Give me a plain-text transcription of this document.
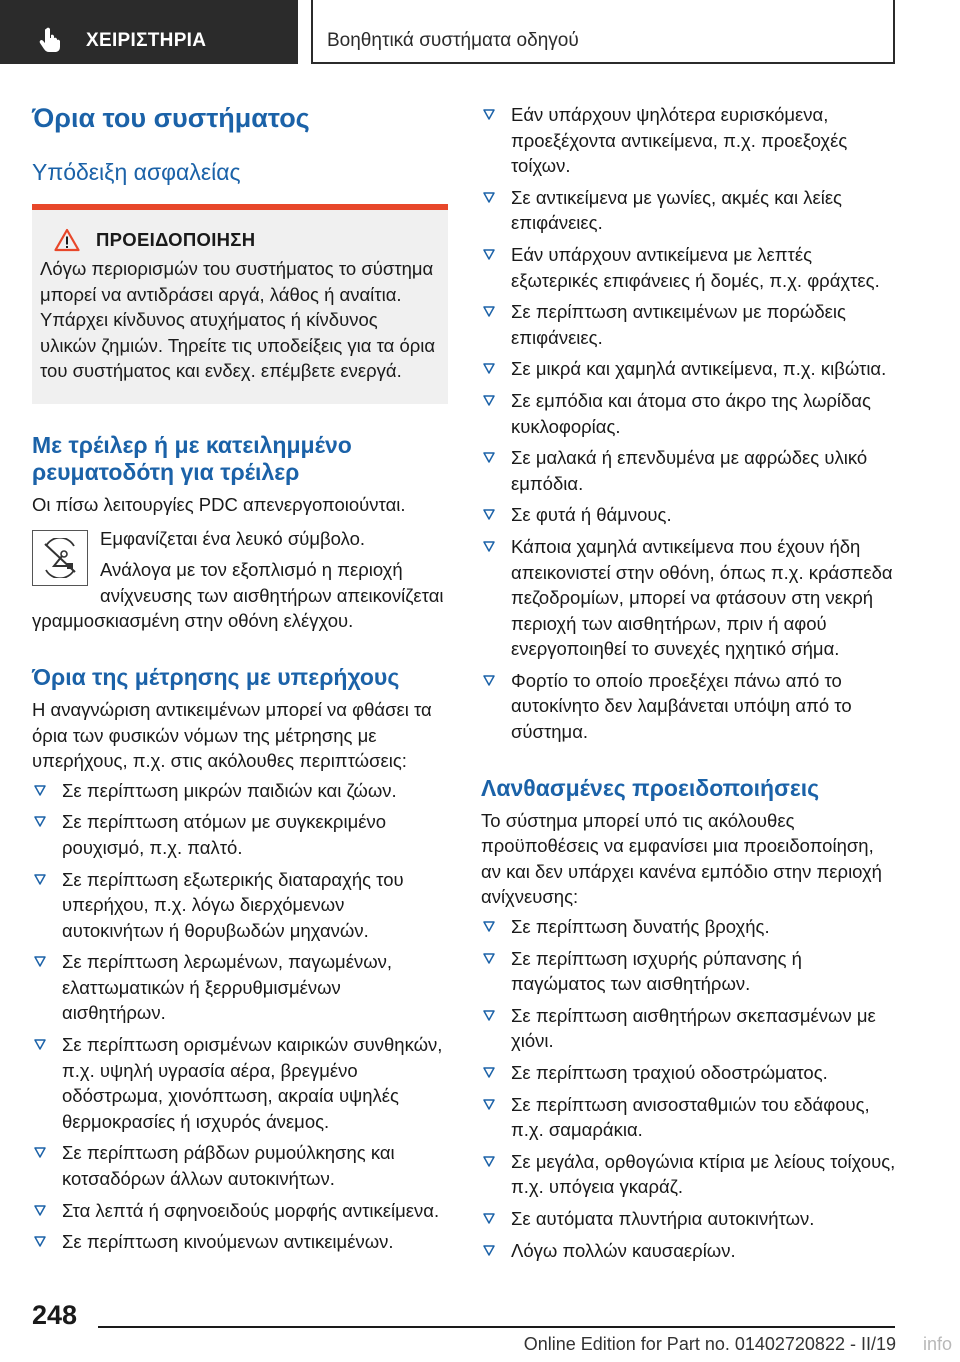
ΧΕΙΡΙΣΤΗΡΙΑ	Βοηθητικά συστήματα οδηγού
Όρια του συστήματος
Υπόδειξη ασφαλείας
ΠΡΟΕΙΔΟΠΟΙΗΣΗ
Λόγω περιορισμών του συστήματος το σύστημα μπορεί να αντιδράσει αργά, λάθος ή αναίτια. Υπάρχει κίνδυνος ατυχήματος ή κίνδυνος υλικών ζημιών. Τηρείτε τις υποδείξεις για τα όρια του συστήματος και ενδεχ. επέμβετε ενεργά.
Με τρέιλερ ή με κατειλημμένο ρευματοδότη για τρέιλερ
Οι πίσω λειτουργίες PDC απενεργοποιούνται.
Εμφανίζεται ένα λευκό σύμβολο.
Ανάλογα με τον εξοπλισμό η περιοχή ανίχνευσης των αισθητήρων απεικονίζεται γραμμοσκιασμένη στην οθόνη ελέγχου.
Όρια της μέτρησης με υπερήχους
Η αναγνώριση αντικειμένων μπορεί να φθάσει τα όρια των φυσικών νόμων της μέτρησης με υπερήχους, π.χ. στις ακόλουθες περιπτώσεις:
Σε περίπτωση μικρών παιδιών και ζώων.
Σε περίπτωση ατόμων με συγκεκριμένο ρουχισμό, π.χ. παλτό.
Σε περίπτωση εξωτερικής διαταραχής του υπερήχου, π.χ. λόγω διερχόμενων αυτοκινήτων ή θορυβωδών μηχανών.
Σε περίπτωση λερωμένων, παγωμένων, ελαττωματικών ή ξερρυθμισμένων αισθητήρων.
Σε περίπτωση ορισμένων καιρικών συνθηκών, π.χ. υψηλή υγρασία αέρα, βρεγμένο οδόστρωμα, χιονόπτωση, ακραία υψηλές θερμοκρασίες ή ισχυρός άνεμος.
Σε περίπτωση ράβδων ρυμούλκησης και κοτσαδόρων άλλων αυτοκινήτων.
Στα λεπτά ή σφηνοειδούς μορφής αντικείμενα.
Σε περίπτωση κινούμενων αντικειμένων.
Εάν υπάρχουν ψηλότερα ευρισκόμενα, προεξέχοντα αντικείμενα, π.χ. προεξοχές τοίχων.
Σε αντικείμενα με γωνίες, ακμές και λείες επιφάνειες.
Εάν υπάρχουν αντικείμενα με λεπτές εξωτερικές επιφάνειες ή δομές, π.χ. φράχτες.
Σε περίπτωση αντικειμένων με πορώδεις επιφάνειες.
Σε μικρά και χαμηλά αντικείμενα, π.χ. κιβώτια.
Σε εμπόδια και άτομα στο άκρο της λωρίδας κυκλοφορίας.
Σε μαλακά ή επενδυμένα με αφρώδες υλικό εμπόδια.
Σε φυτά ή θάμνους.
Κάποια χαμηλά αντικείμενα που έχουν ήδη απεικονιστεί στην οθόνη, όπως π.χ. κράσπεδα πεζοδρομίων, μπορεί να φτάσουν στη νεκρή περιοχή των αισθητήρων, πριν ή αφού ενεργοποιηθεί το συνεχές ηχητικό σήμα.
Φορτίο το οποίο προεξέχει πάνω από το αυτοκίνητο δεν λαμβάνεται υπόψη από το σύστημα.
Λανθασμένες προειδοποιήσεις
Το σύστημα μπορεί υπό τις ακόλουθες προϋποθέσεις να εμφανίσει μια προειδοποίηση, αν και δεν υπάρχει κανένα εμπόδιο στην περιοχή ανίχνευσης:
Σε περίπτωση δυνατής βροχής.
Σε περίπτωση ισχυρής ρύπανσης ή παγώματος των αισθητήρων.
Σε περίπτωση αισθητήρων σκεπασμένων με χιόνι.
Σε περίπτωση τραχιού οδοστρώματος.
Σε περίπτωση ανισοσταθμιών του εδάφους, π.χ. σαμαράκια.
Σε μεγάλα, ορθογώνια κτίρια με λείους τοίχους, π.χ. υπόγεια γκαράζ.
Σε αυτόματα πλυντήρια αυτοκινήτων.
Λόγω πολλών καυσαερίων.
248
Online Edition for Part no. 01402720822 - II/19 info
